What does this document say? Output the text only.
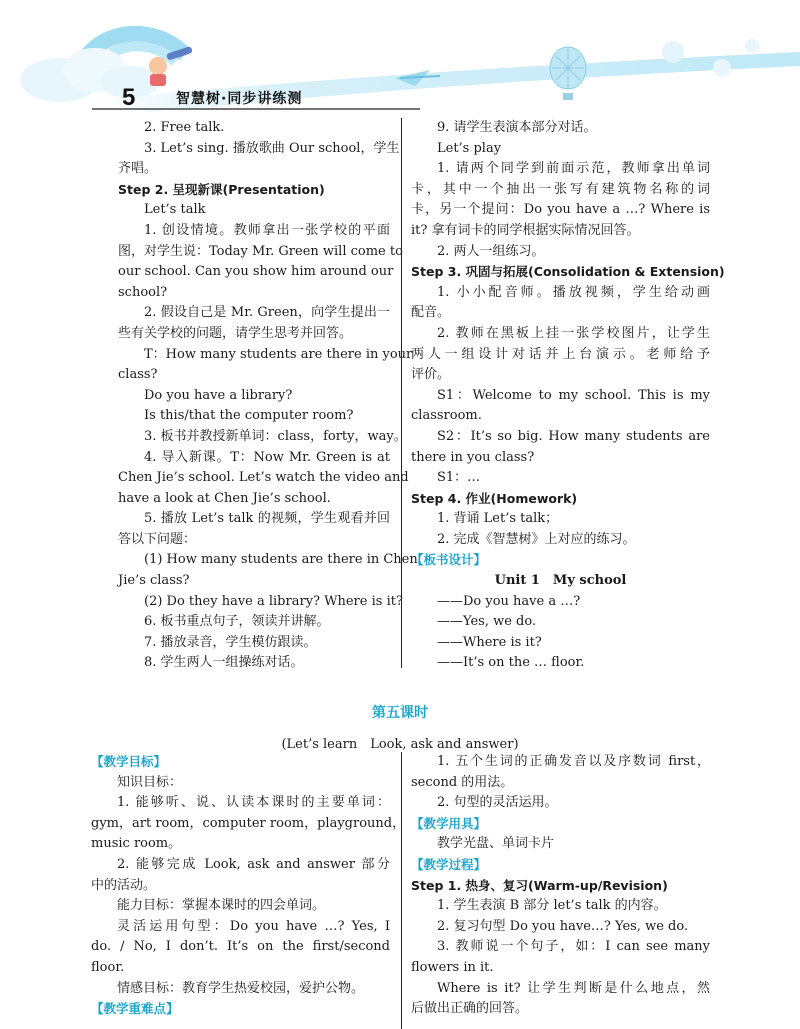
5	智慧树·同步讲练测

2. Free talk.

3. Let’s sing. 播放歌曲 Our school，学生

齐唱。

Step 2. 呈现新课(Presentation)

Let’s talk

1. 创设情境。教师拿出一张学校的平面

图，对学生说：Today Mr. Green will come to

our school. Can you show him around our

school?

2. 假设自己是 Mr. Green，向学生提出一

些有关学校的问题，请学生思考并回答。

T：How many students are there in your

class?

Do you have a library?

Is this/that the computer room?

3. 板书并教授新单词：class，forty，way。

4. 导入新课。T：Now Mr. Green is at

Chen Jie’s school. Let’s watch the video and

have a look at Chen Jie’s school.

5. 播放 Let’s talk 的视频，学生观看并回

答以下问题：

(1) How many students are there in Chen

Jie’s class?

(2) Do they have a library? Where is it?

6. 板书重点句子，领读并讲解。

7. 播放录音，学生模仿跟读。

8. 学生两人一组操练对话。

9. 请学生表演本部分对话。

Let’s play

1. 请两个同学到前面示范，教师拿出单词

卡，其中一个抽出一张写有建筑物名称的词

卡，另一个提问：Do you have a …? Where is

it? 拿有词卡的同学根据实际情况回答。

2. 两人一组练习。

Step 3. 巩固与拓展(Consolidation & Extension)

1. 小小配音师。播放视频，学生给动画

配音。

2. 教师在黑板上挂一张学校图片，让学生

两人一组设计对话并上台演示。老师给予

评价。

S1：Welcome to my school. This is my

classroom.

S2：It’s so big. How many students are

there in you class?

S1：…

Step 4. 作业(Homework)

1. 背诵 Let’s talk；

2. 完成《智慧树》上对应的练习。

【板书设计】

Unit 1　My school

——Do you have a …?

——Yes, we do.

——Where is it?

——It’s on the … floor.

第五课时
(Let’s learn　Look, ask and answer)

【教学目标】

知识目标：

1. 能够听、说、认读本课时的主要单词：

gym，art room，computer room，playground，

music room。

2. 能够完成 Look, ask and answer 部分

中的活动。

能力目标：掌握本课时的四会单词。

灵活运用句型：Do you have …? Yes, I

do. / No, I don’t. It’s on the first/second

floor.

情感目标：教育学生热爱校园，爱护公物。

【教学重难点】

1. 五个生词的正确发音以及序数词 first，

second 的用法。

2. 句型的灵活运用。

【教学用具】

教学光盘、单词卡片

【教学过程】

Step 1. 热身、复习(Warm-up/Revision)

1. 学生表演 B 部分 let’s talk 的内容。

2. 复习句型 Do you have…? Yes, we do.

3. 教师说一个句子，如：I can see many

flowers in it.

Where is it? 让学生判断是什么地点，然

后做出正确的回答。
